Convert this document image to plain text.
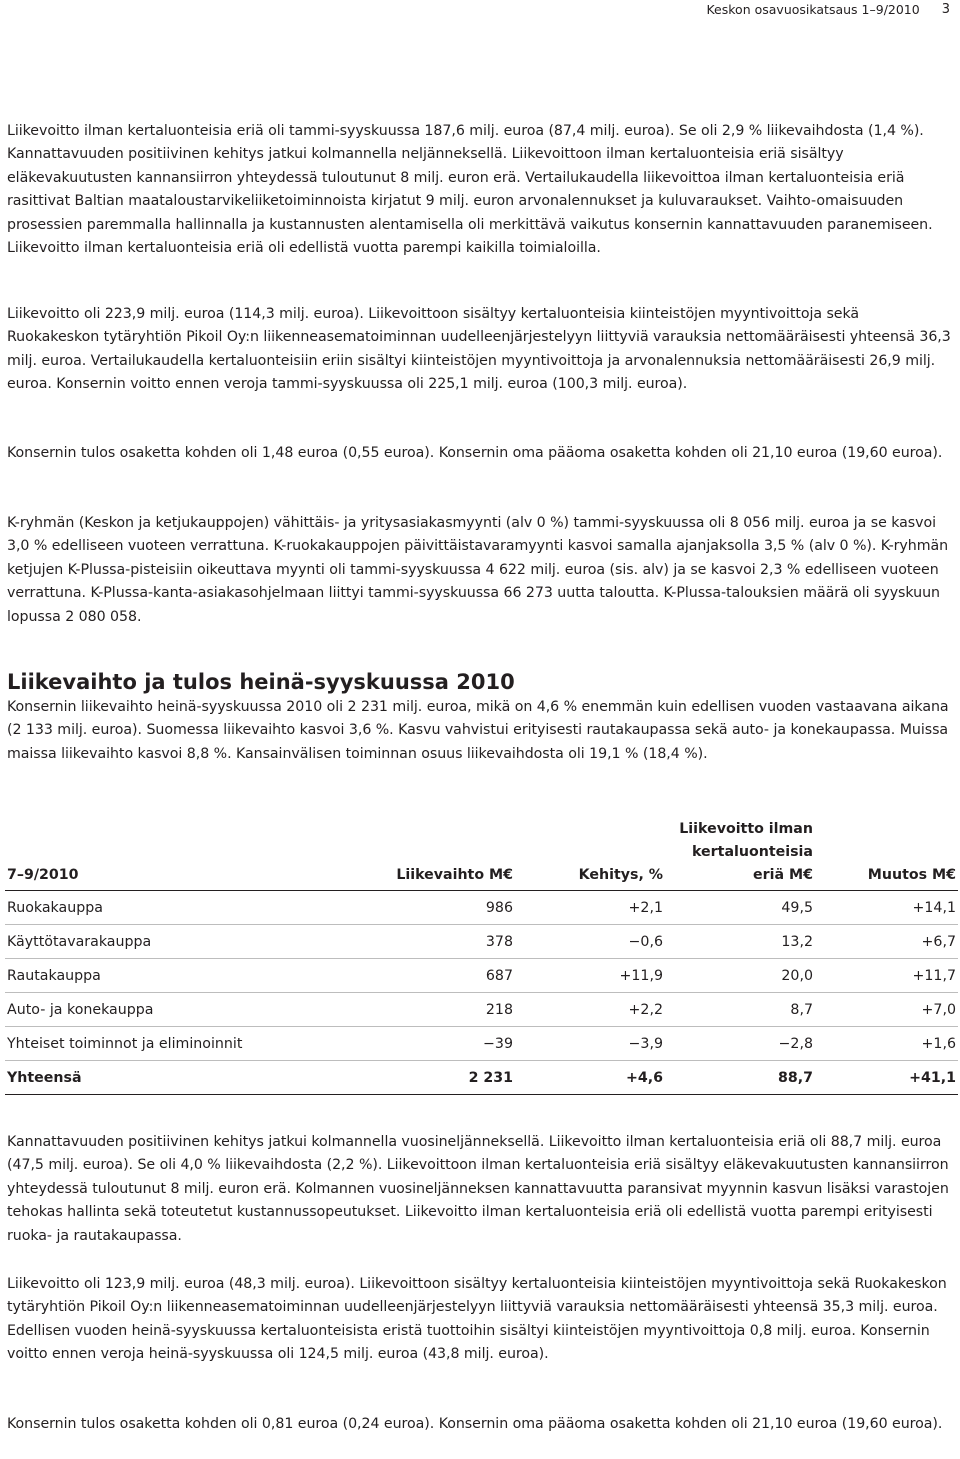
Keskon osavuosikatsaus 1–9/2010 3

Liikevoitto ilman kertaluonteisia eriä oli tammi-syyskuussa 187,6 milj. euroa (87,4 milj. euroa). Se oli 2,9 % liikevaihdosta (1,4 %). Kannattavuuden positiivinen kehitys jatkui kolmannella neljänneksellä. Liikevoittoon ilman kertaluonteisia eriä sisältyy eläkevakuutusten kannansiirron yhteydessä tuloutunut 8 milj. euron erä. Vertailukaudella liikevoittoa ilman kertaluonteisia eriä rasittivat Baltian maataloustarvikeliiketoiminnoista kirjatut 9 milj. euron arvonalennukset ja kuluvaraukset. Vaihto-omaisuuden prosessien paremmalla hallinnalla ja kustannusten alentamisella oli merkittävä vaikutus konsernin kannattavuuden paranemiseen. Liikevoitto ilman kertaluonteisia eriä oli edellistä vuotta parempi kaikilla toimialoilla.

Liikevoitto oli 223,9 milj. euroa (114,3 milj. euroa). Liikevoittoon sisältyy kertaluonteisia kiinteistöjen myyntivoittoja sekä Ruokakeskon tytäryhtiön Pikoil Oy:n liikenneasematoiminnan uudelleenjärjestelyyn liittyviä varauksia nettomääräisesti yhteensä 36,3 milj. euroa. Vertailukaudella kertaluonteisiin eriin sisältyi kiinteistöjen myyntivoittoja ja arvonalennuksia nettomääräisesti 26,9 milj. euroa. Konsernin voitto ennen veroja tammi-syyskuussa oli 225,1 milj. euroa (100,3 milj. euroa).

Konsernin tulos osaketta kohden oli 1,48 euroa (0,55 euroa). Konsernin oma pääoma osaketta kohden oli 21,10 euroa (19,60 euroa).

K-ryhmän (Keskon ja ketjukauppojen) vähittäis- ja yritysasiakasmyynti (alv 0 %) tammi-syyskuussa oli 8 056 milj. euroa ja se kasvoi 3,0 % edelliseen vuoteen verrattuna. K-ruokakauppojen päivittäistavaramyynti kasvoi samalla ajanjaksolla 3,5 % (alv 0 %). K-ryhmän ketjujen K-Plussa-pisteisiin oikeuttava myynti oli tammi-syyskuussa 4 622 milj. euroa (sis. alv) ja se kasvoi 2,3 % edelliseen vuoteen verrattuna. K-Plussa-kanta-asiakasohjelmaan liittyi tammi-syyskuussa 66 273 uutta taloutta. K-Plussa-talouksien määrä oli syyskuun lopussa 2 080 058.

Liikevaihto ja tulos heinä-syyskuussa 2010

Konsernin liikevaihto heinä-syyskuussa 2010 oli 2 231 milj. euroa, mikä on 4,6 % enemmän kuin edellisen vuoden vastaavana aikana (2 133 milj. euroa). Suomessa liikevaihto kasvoi 3,6 %. Kasvu vahvistui erityisesti rautakaupassa sekä auto- ja konekaupassa. Muissa maissa liikevaihto kasvoi 8,8 %. Kansainvälisen toiminnan osuus liikevaihdosta oli 19,1 % (18,4 %).

7–9/2010	Liikevaihto M€	Kehitys, %	Liikevoitto ilman kertaluonteisia eriä M€	Muutos M€
Ruokakauppa	986	+2,1	49,5	+14,1
Käyttötavarakauppa	378	−0,6	13,2	+6,7
Rautakauppa	687	+11,9	20,0	+11,7
Auto- ja konekauppa	218	+2,2	8,7	+7,0
Yhteiset toiminnot ja eliminoinnit	−39	−3,9	−2,8	+1,6
Yhteensä	2 231	+4,6	88,7	+41,1

Kannattavuuden positiivinen kehitys jatkui kolmannella vuosineljänneksellä. Liikevoitto ilman kertaluonteisia eriä oli 88,7 milj. euroa (47,5 milj. euroa). Se oli 4,0 % liikevaihdosta (2,2 %). Liikevoittoon ilman kertaluonteisia eriä sisältyy eläkevakuutusten kannansiirron yhteydessä tuloutunut 8 milj. euron erä. Kolmannen vuosineljänneksen kannattavuutta paransivat myynnin kasvun lisäksi varastojen tehokas hallinta sekä toteutetut kustannussopeutukset. Liikevoitto ilman kertaluonteisia eriä oli edellistä vuotta parempi erityisesti ruoka- ja rautakaupassa.

Liikevoitto oli 123,9 milj. euroa (48,3 milj. euroa). Liikevoittoon sisältyy kertaluonteisia kiinteistöjen myyntivoittoja sekä Ruokakeskon tytäryhtiön Pikoil Oy:n liikenneasematoiminnan uudelleenjärjestelyyn liittyviä varauksia nettomääräisesti yhteensä 35,3 milj. euroa. Edellisen vuoden heinä-syyskuussa kertaluonteisista eristä tuottoihin sisältyi kiinteistöjen myyntivoittoja 0,8 milj. euroa. Konsernin voitto ennen veroja heinä-syyskuussa oli 124,5 milj. euroa (43,8 milj. euroa).

Konsernin tulos osaketta kohden oli 0,81 euroa (0,24 euroa). Konsernin oma pääoma osaketta kohden oli 21,10 euroa (19,60 euroa).
